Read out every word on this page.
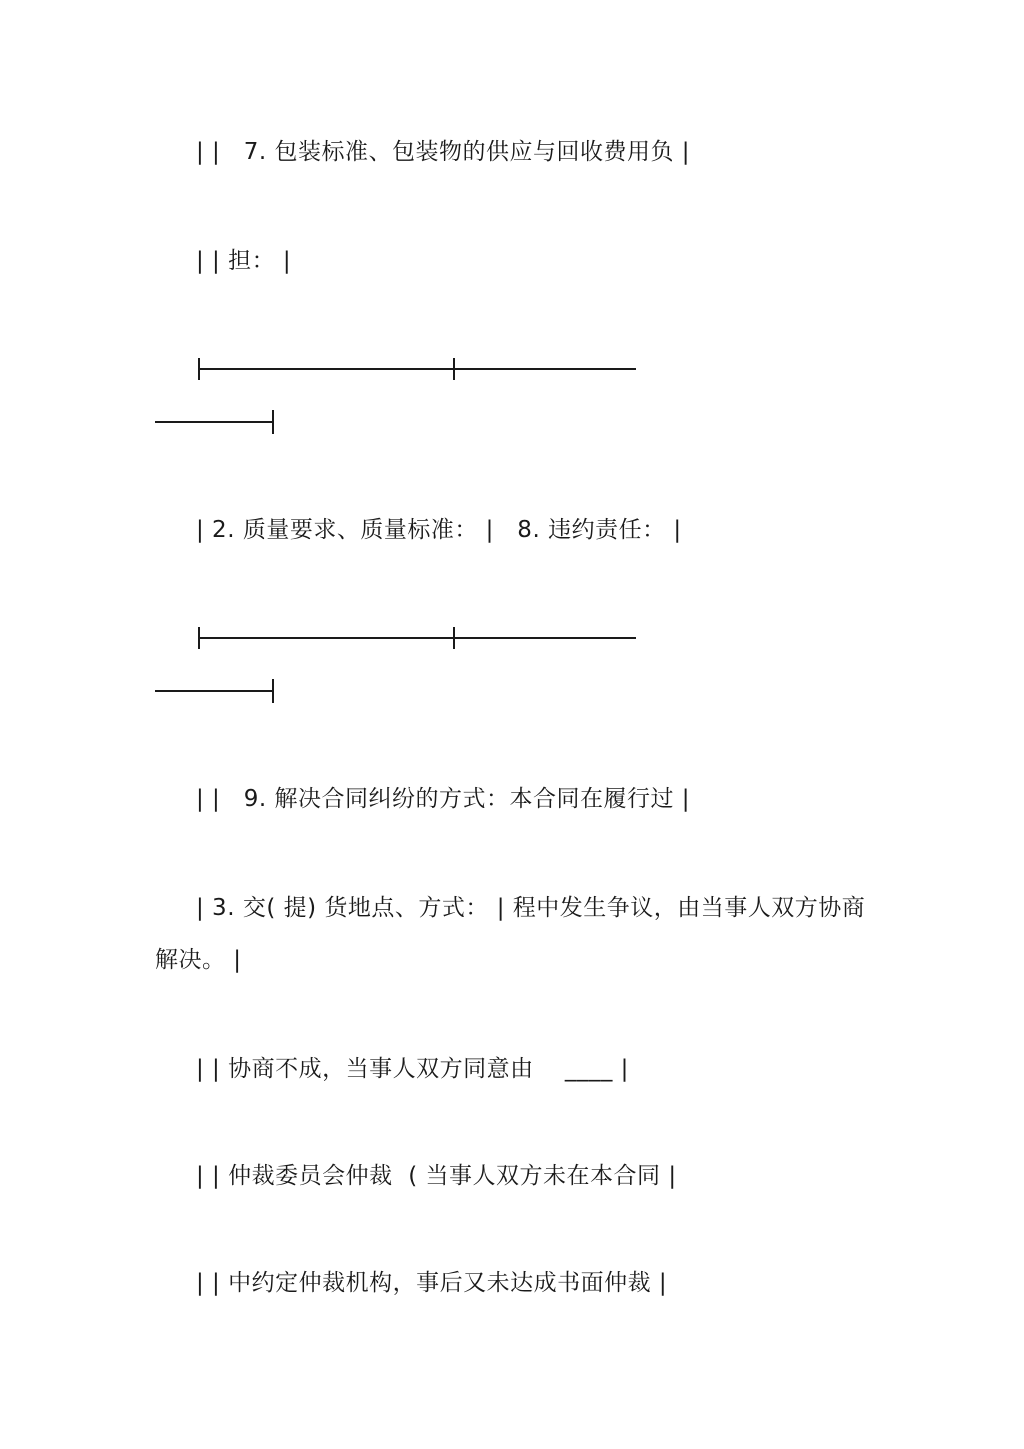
| |   7. 包装标准、包装物的供应与回收费用负 |
| | 担： |
| 2. 质量要求、质量标准： |   8. 违约责任： |
| |   9. 解决合同纠纷的方式：本合同在履行过 |
| 3. 交( 提) 货地点、方式： | 程中发生争议，由当事人双方协商
解决。 |
| | 协商不成，当事人双方同意由    ____ |
| | 仲裁委员会仲裁  ( 当事人双方未在本合同 |
| | 中约定仲裁机构，事后又未达成书面仲裁 |
